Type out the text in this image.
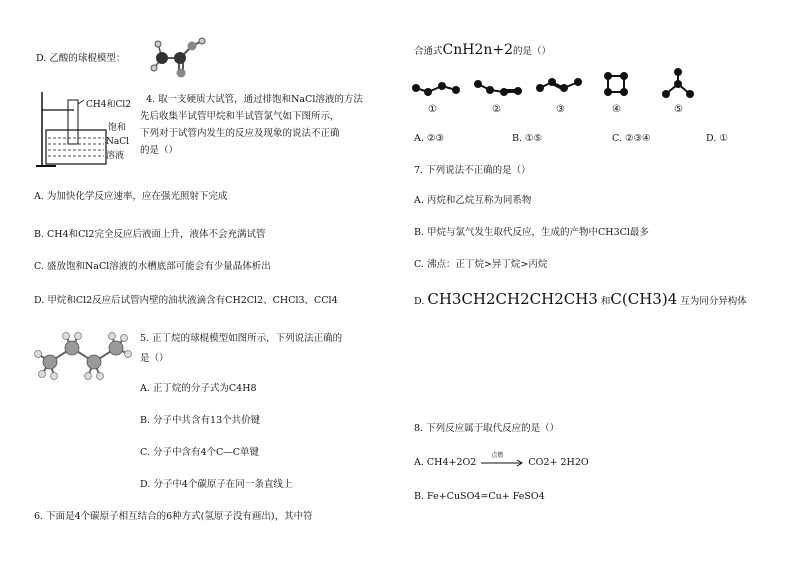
D. 乙酸的球棍模型：
CH4和Cl2
饱和
NaCl
溶液
4. 取一支硬质大试管，通过排饱和NaCl溶液的方法
先后收集半试管甲烷和半试管氯气如下图所示，
下列对于试管内发生的反应及现象的说法不正确
的是（）
A. 为加快化学反应速率，应在强光照射下完成
B. CH4和Cl2完全反应后液面上升，液体不会充满试管
C. 盛放饱和NaCl溶液的水槽底部可能会有少量晶体析出
D. 甲烷和Cl2反应后试管内壁的油状液滴含有CH2Cl2、CHCl3、CCl4
5. 正丁烷的球棍模型如图所示，下列说法正确的
是（）
A. 正丁烷的分子式为C4H8
B. 分子中共含有13个共价键
C. 分子中含有4个C—C单键
D. 分子中4个碳原子在同一条直线上
6. 下面是4个碳原子相互结合的6种方式(氢原子没有画出)，其中符
合通式CnH2n+2的是（）
①	②	③	④	⑤
A. ②③	B. ①⑤	C. ②③④	D. ①
7. 下列说法不正确的是（）
A. 丙烷和乙烷互称为同系物
B. 甲烷与氯气发生取代反应，生成的产物中CH3Cl最多
C. 沸点：正丁烷>异丁烷>丙烷
D. CH3CH2CH2CH2CH3 和C(CH3)4 互为同分异构体
8. 下列反应属于取代反应的是（）
A. CH4+2O2
点燃
CO2+ 2H2O
B. Fe+CuSO4=Cu+ FeSO4
